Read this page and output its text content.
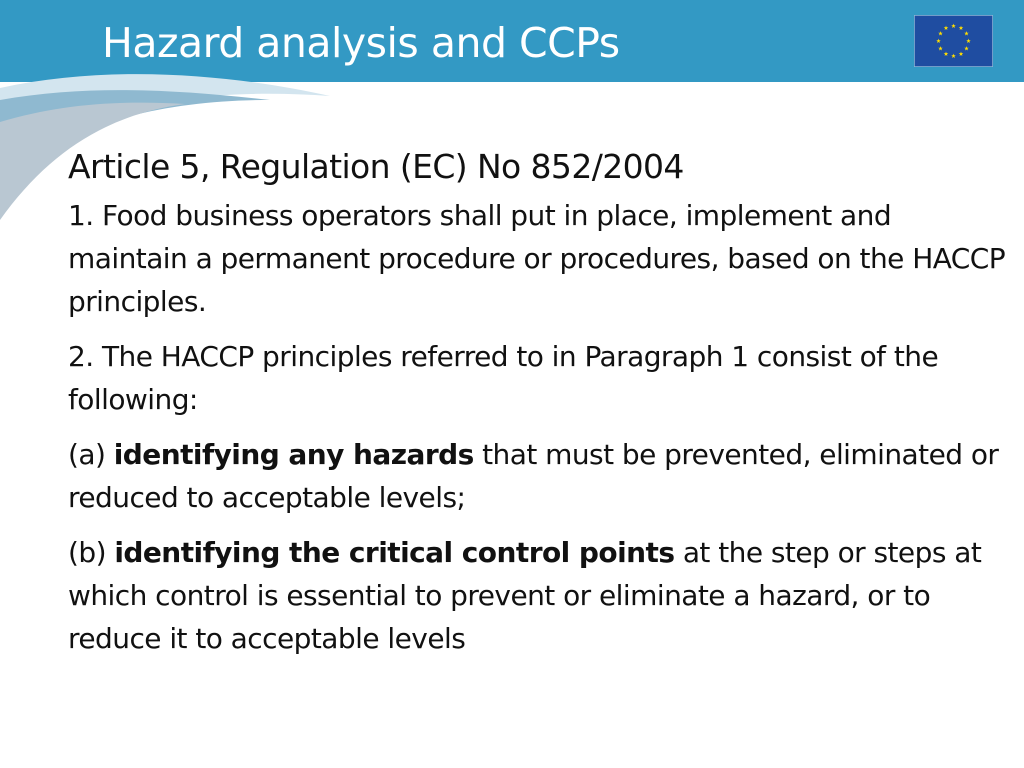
Hazard analysis and CCPs
Article 5, Regulation (EC) No 852/2004
1. Food business operators shall put in place, implement and maintain a permanent procedure or procedures, based on the HACCP principles.
2. The HACCP principles referred to in Paragraph 1 consist of the following:
(a) identifying any hazards that must be prevented, eliminated or reduced to acceptable levels;
(b) identifying the critical control points at the step or steps at which control is essential to prevent or eliminate a hazard, or to reduce it to acceptable levels
